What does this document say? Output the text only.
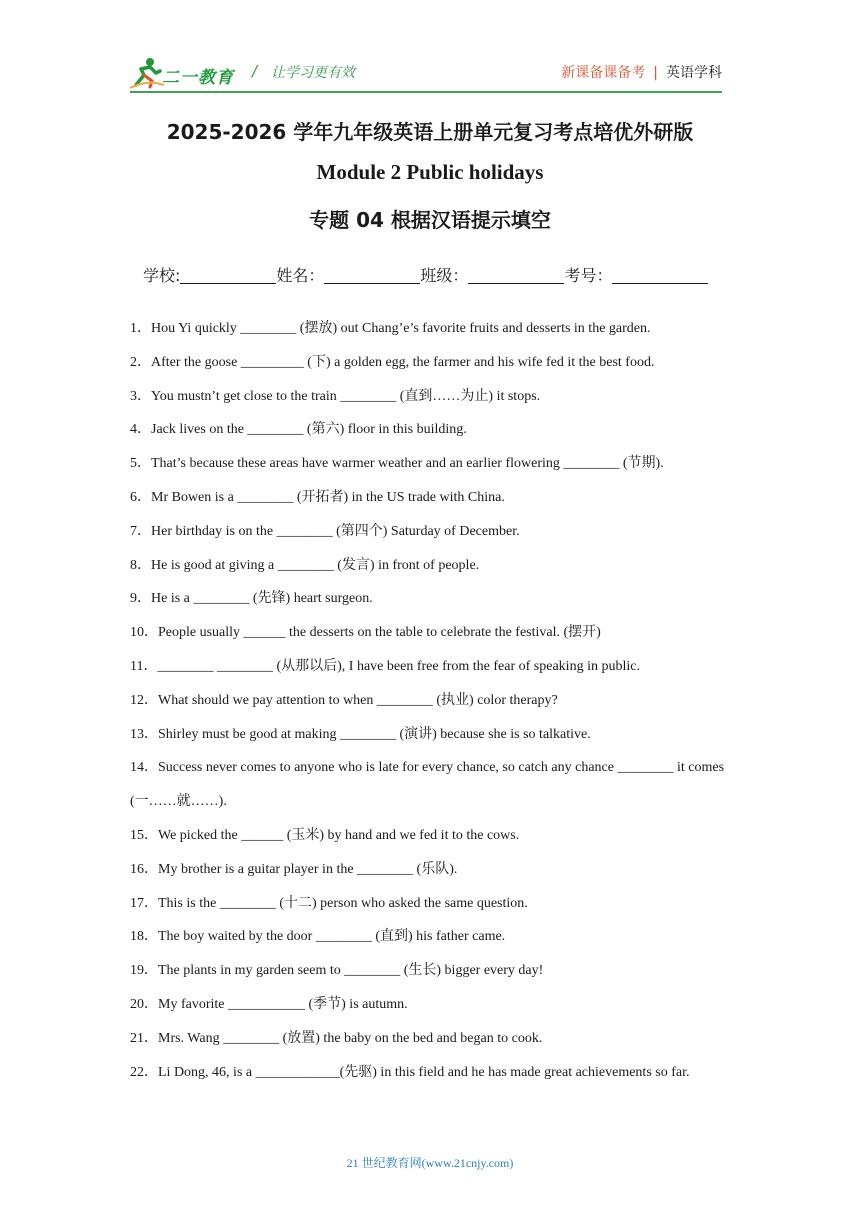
二一教育 / 让学习更有效	新课备课备考 | 英语学科
2025-2026 学年九年级英语上册单元复习考点培优外研版
Module 2 Public holidays
专题 04 根据汉语提示填空
学校:	姓名：	班级：	考号：

1．Hou Yi quickly ________ (摆放) out Chang’e’s favorite fruits and desserts in the garden.

2．After the goose _________ (下) a golden egg, the farmer and his wife fed it the best food.

3．You mustn’t get close to the train ________ (直到……为止) it stops.

4．Jack lives on the ________ (第六) floor in this building.

5．That’s because these areas have warmer weather and an earlier flowering ________ (节期).

6．Mr Bowen is a ________ (开拓者) in the US trade with China.

7．Her birthday is on the ________ (第四个) Saturday of December.

8．He is good at giving a ________ (发言) in front of people.

9．He is a ________ (先锋) heart surgeon.

10．People usually ______ the desserts on the table to celebrate the festival. (摆开)

11．________ ________ (从那以后), I have been free from the fear of speaking in public.

12．What should we pay attention to when ________ (执业) color therapy?

13．Shirley must be good at making ________ (演讲) because she is so talkative.

14．Success never comes to anyone who is late for every chance, so catch any chance ________ it comes (一……就……).

15．We picked the ______ (玉米) by hand and we fed it to the cows.

16．My brother is a guitar player in the ________ (乐队).

17．This is the ________ (十二) person who asked the same question.

18．The boy waited by the door ________ (直到) his father came.

19．The plants in my garden seem to ________ (生长) bigger every day!

20．My favorite ___________ (季节) is autumn.

21．Mrs. Wang ________ (放置) the baby on the bed and began to cook.

22．Li Dong, 46, is a ____________(先驱) in this field and he has made great achievements so far.

21 世纪教育网(www.21cnjy.com)
